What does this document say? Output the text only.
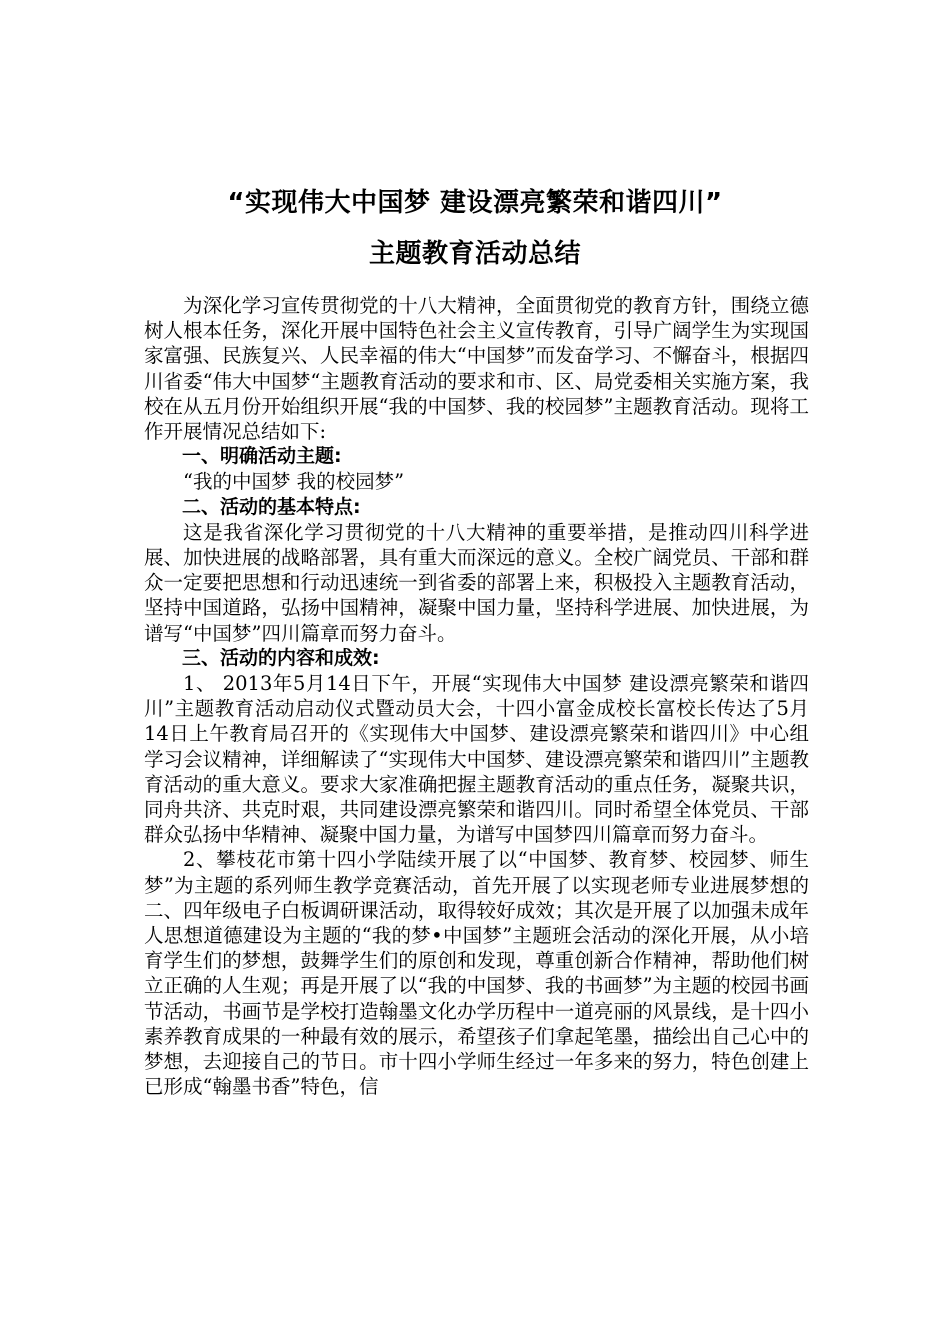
“实现伟大中国梦 建设漂亮繁荣和谐四川”
主题教育活动总结

为深化学习宣传贯彻党的十八大精神，全面贯彻党的教育方针，围绕立德树人根本任务，深化开展中国特色社会主义宣传教育，引导广阔学生为实现国家富强、民族复兴、人民幸福的伟大“中国梦”而发奋学习、不懈奋斗，根据四川省委“伟大中国梦“主题教育活动的要求和市、区、局党委相关实施方案，我校在从五月份开始组织开展“我的中国梦、我的校园梦”主题教育活动。现将工作开展情况总结如下:

一、明确活动主题:

“我的中国梦 我的校园梦”

二、活动的基本特点:

这是我省深化学习贯彻党的十八大精神的重要举措，是推动四川科学进展、加快进展的战略部署，具有重大而深远的意义。全校广阔党员、干部和群众一定要把思想和行动迅速统一到省委的部署上来，积极投入主题教育活动，坚持中国道路，弘扬中国精神，凝聚中国力量，坚持科学进展、加快进展，为谱写“中国梦”四川篇章而努力奋斗。

三、活动的内容和成效:

1、 2013年5月14日下午，开展“实现伟大中国梦 建设漂亮繁荣和谐四川”主题教育活动启动仪式暨动员大会，十四小富金成校长富校长传达了5月14日上午教育局召开的《实现伟大中国梦、建设漂亮繁荣和谐四川》中心组学习会议精神，详细解读了“实现伟大中国梦、建设漂亮繁荣和谐四川”主题教育活动的重大意义。要求大家准确把握主题教育活动的重点任务，凝聚共识，同舟共济、共克时艰，共同建设漂亮繁荣和谐四川。同时希望全体党员、干部群众弘扬中华精神、凝聚中国力量，为谱写中国梦四川篇章而努力奋斗。

2、攀枝花市第十四小学陆续开展了以“中国梦、教育梦、校园梦、师生梦”为主题的系列师生教学竞赛活动，首先开展了以实现老师专业进展梦想的二、四年级电子白板调研课活动，取得较好成效；其次是开展了以加强未成年人思想道德建设为主题的“我的梦•中国梦”主题班会活动的深化开展，从小培育学生们的梦想，鼓舞学生们的原创和发现，尊重创新合作精神，帮助他们树立正确的人生观；再是开展了以“我的中国梦、我的书画梦”为主题的校园书画节活动，书画节是学校打造翰墨文化办学历程中一道亮丽的风景线，是十四小素养教育成果的一种最有效的展示，希望孩子们拿起笔墨，描绘出自己心中的梦想，去迎接自己的节日。市十四小学师生经过一年多来的努力，特色创建上已形成“翰墨书香”特色，信
